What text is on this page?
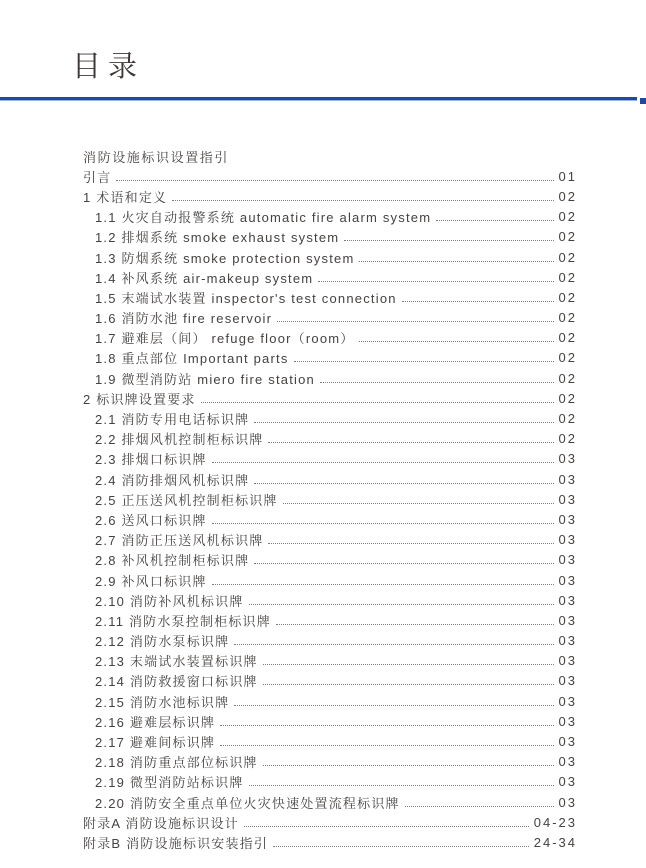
目录
消防设施标识设置指引
引言	01
1 术语和定义	02
1.1 火灾自动报警系统 automatic fire alarm system	02
1.2 排烟系统 smoke exhaust system	02
1.3 防烟系统 smoke protection system	02
1.4 补风系统 air-makeup system	02
1.5 末端试水装置 inspector's test connection	02
1.6 消防水池 fire reservoir	02
1.7 避难层（间） refuge floor（room）	02
1.8 重点部位 Important parts	02
1.9 微型消防站 miero fire station	02
2 标识牌设置要求	02
2.1 消防专用电话标识牌	02
2.2 排烟风机控制柜标识牌	02
2.3 排烟口标识牌	03
2.4 消防排烟风机标识牌	03
2.5 正压送风机控制柜标识牌	03
2.6 送风口标识牌	03
2.7 消防正压送风机标识牌	03
2.8 补风机控制柜标识牌	03
2.9 补风口标识牌	03
2.10 消防补风机标识牌	03
2.11 消防水泵控制柜标识牌	03
2.12 消防水泵标识牌	03
2.13 末端试水装置标识牌	03
2.14 消防救援窗口标识牌	03
2.15 消防水池标识牌	03
2.16 避难层标识牌	03
2.17 避难间标识牌	03
2.18 消防重点部位标识牌	03
2.19 微型消防站标识牌	03
2.20 消防安全重点单位火灾快速处置流程标识牌	03
附录A 消防设施标识设计	04-23
附录B 消防设施标识安装指引	24-34
